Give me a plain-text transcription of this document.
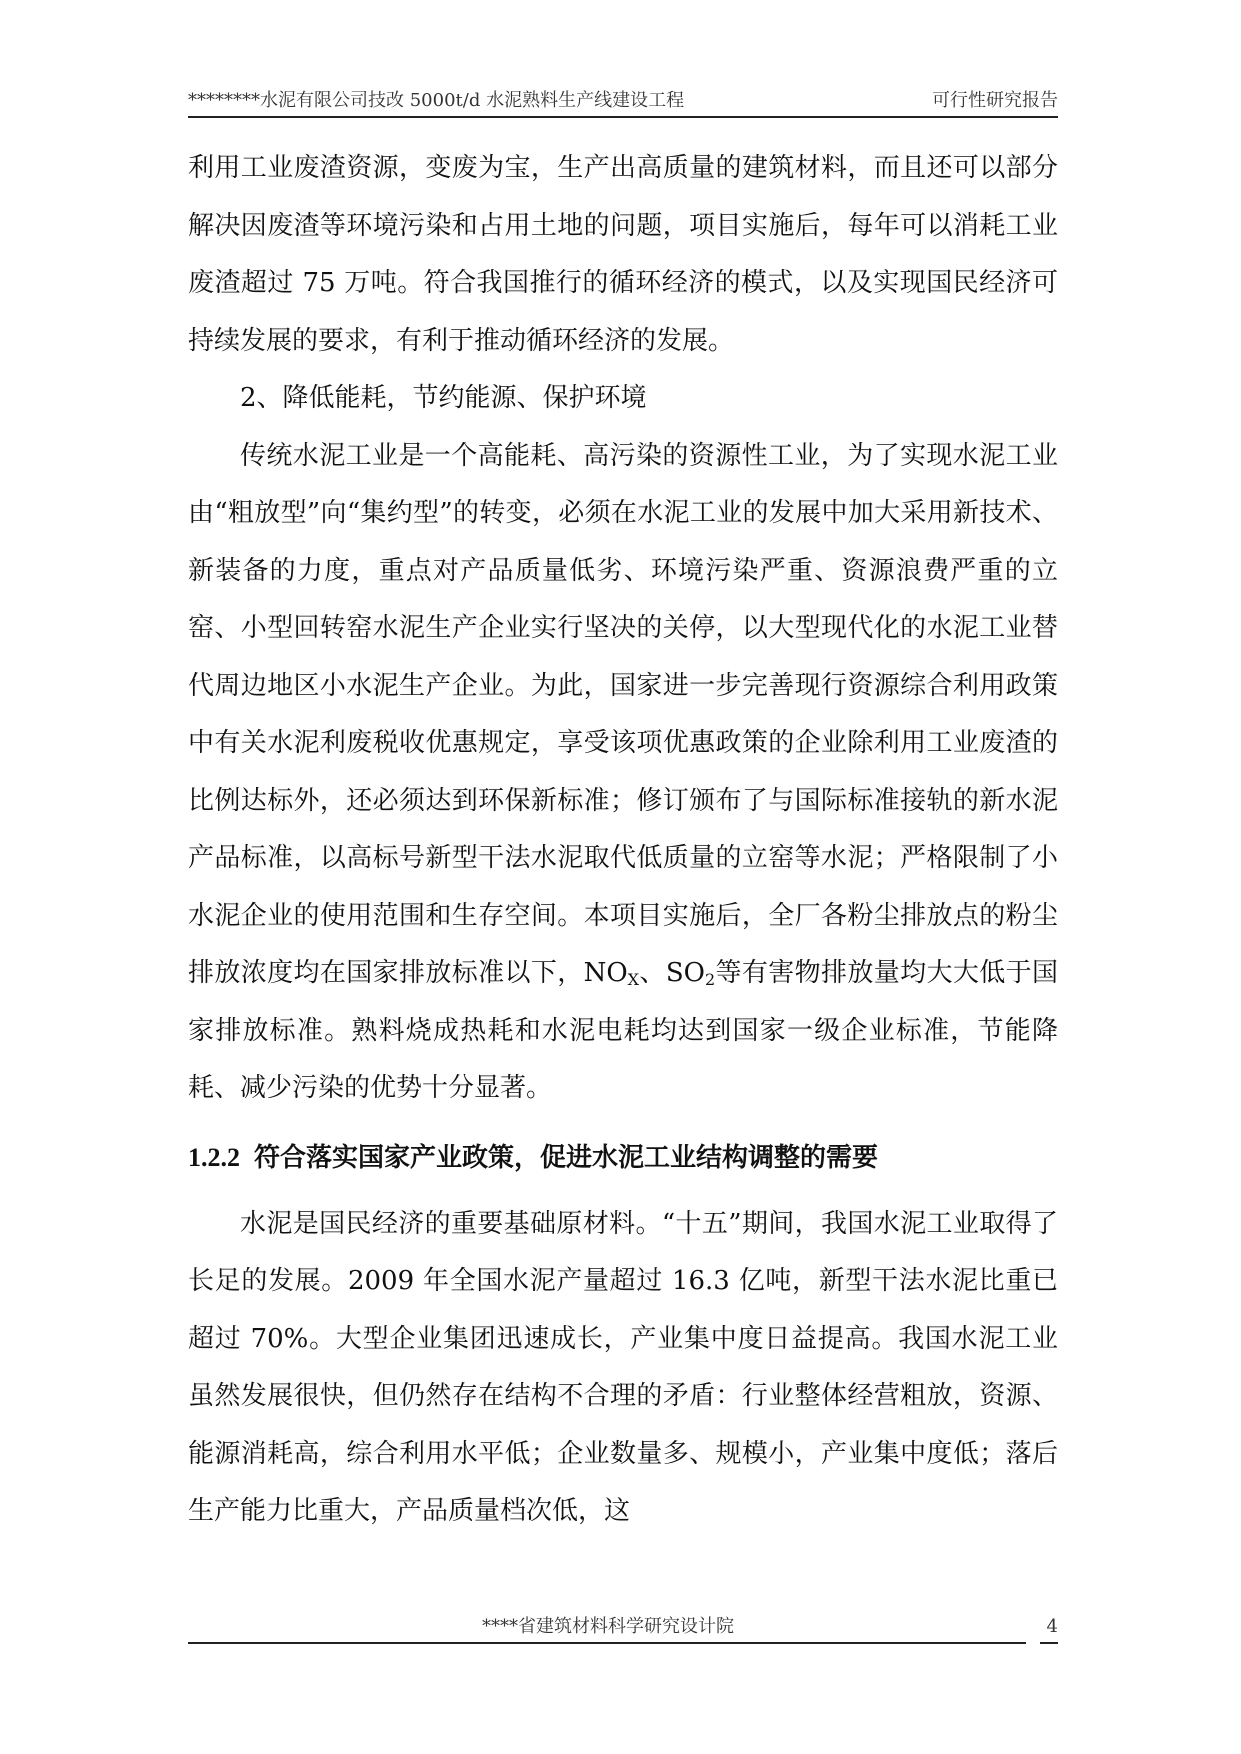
********水泥有限公司技改 5000t/d 水泥熟料生产线建设工程	可行性研究报告

利用工业废渣资源，变废为宝，生产出高质量的建筑材料，而且还可以部分解决因废渣等环境污染和占用土地的问题，项目实施后，每年可以消耗工业废渣超过 75 万吨。符合我国推行的循环经济的模式，以及实现国民经济可持续发展的要求，有利于推动循环经济的发展。

2、降低能耗，节约能源、保护环境

传统水泥工业是一个高能耗、高污染的资源性工业，为了实现水泥工业由“粗放型”向“集约型”的转变，必须在水泥工业的发展中加大采用新技术、新装备的力度，重点对产品质量低劣、环境污染严重、资源浪费严重的立窑、小型回转窑水泥生产企业实行坚决的关停，以大型现代化的水泥工业替代周边地区小水泥生产企业。为此，国家进一步完善现行资源综合利用政策中有关水泥利废税收优惠规定，享受该项优惠政策的企业除利用工业废渣的比例达标外，还必须达到环保新标准；修订颁布了与国际标准接轨的新水泥产品标准，以高标号新型干法水泥取代低质量的立窑等水泥；严格限制了小水泥企业的使用范围和生存空间。本项目实施后，全厂各粉尘排放点的粉尘排放浓度均在国家排放标准以下，$NO_X$、$SO_2$等有害物排放量均大大低于国家排放标准。熟料烧成热耗和水泥电耗均达到国家一级企业标准，节能降耗、减少污染的优势十分显著。

1.2.2 符合落实国家产业政策，促进水泥工业结构调整的需要

水泥是国民经济的重要基础原材料。“十五”期间，我国水泥工业取得了长足的发展。2009 年全国水泥产量超过 16.3 亿吨，新型干法水泥比重已超过 70%。大型企业集团迅速成长，产业集中度日益提高。我国水泥工业虽然发展很快，但仍然存在结构不合理的矛盾：行业整体经营粗放，资源、能源消耗高，综合利用水平低；企业数量多、规模小，产业集中度低；落后生产能力比重大，产品质量档次低，这

****省建筑材料科学研究设计院	4
